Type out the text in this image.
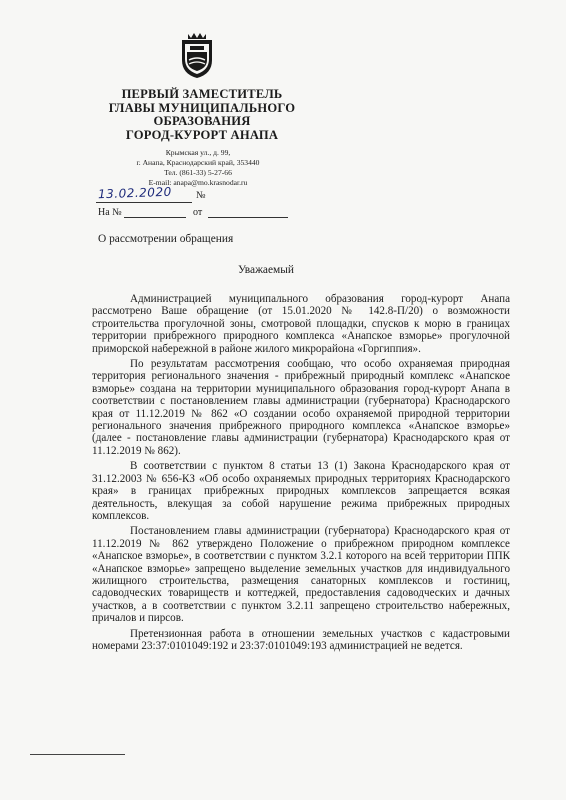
ПЕРВЫЙ ЗАМЕСТИТЕЛЬ
ГЛАВЫ МУНИЦИПАЛЬНОГО
ОБРАЗОВАНИЯ
ГОРОД-КУРОРТ АНАПА
Крымская ул., д. 99,
г. Анапа, Краснодарский край, 353440
Тел. (861-33) 5-27-66
E-mail: anapa@mo.krasnodar.ru
13.02.2020 №
На №	от
О рассмотрении обращения
Уважаемый

Администрацией муниципального образования город-курорт Анапа рассмотрено Ваше обращение (от 15.01.2020 № 142.8-П/20) о возможности строительства прогулочной зоны, смотровой площадки, спусков к морю в границах территории прибрежного природного комплекса «Анапское взморье» прогулочной приморской набережной в районе жилого микрорайона «Горгиппия».

По результатам рассмотрения сообщаю, что особо охраняемая природная территория регионального значения - прибрежный природный комплекс «Анапское взморье» создана на территории муниципального образования город-курорт Анапа в соответствии с постановлением главы администрации (губернатора) Краснодарского края от 11.12.2019 № 862 «О создании особо охраняемой природной территории регионального значения прибрежного природного комплекса «Анапское взморье» (далее - постановление главы администрации (губернатора) Краснодарского края от 11.12.2019 № 862).

В соответствии с пунктом 8 статьи 13 (1) Закона Краснодарского края от 31.12.2003 № 656-КЗ «Об особо охраняемых природных территориях Краснодарского края» в границах прибрежных природных комплексов запрещается всякая деятельность, влекущая за собой нарушение режима прибрежных природных комплексов.

Постановлением главы администрации (губернатора) Краснодарского края от 11.12.2019 № 862 утверждено Положение о прибрежном природном комплексе «Анапское взморье», в соответствии с пунктом 3.2.1 которого на всей территории ППК «Анапское взморье» запрещено выделение земельных участков для индивидуального жилищного строительства, размещения санаторных комплексов и гостиниц, садоводческих товариществ и коттеджей, предоставления садоводческих и дачных участков, а в соответствии с пунктом 3.2.11 запрещено строительство набережных, причалов и пирсов.

Претензионная работа в отношении земельных участков с кадастровыми номерами 23:37:0101049:192 и 23:37:0101049:193 администрацией не ведется.
